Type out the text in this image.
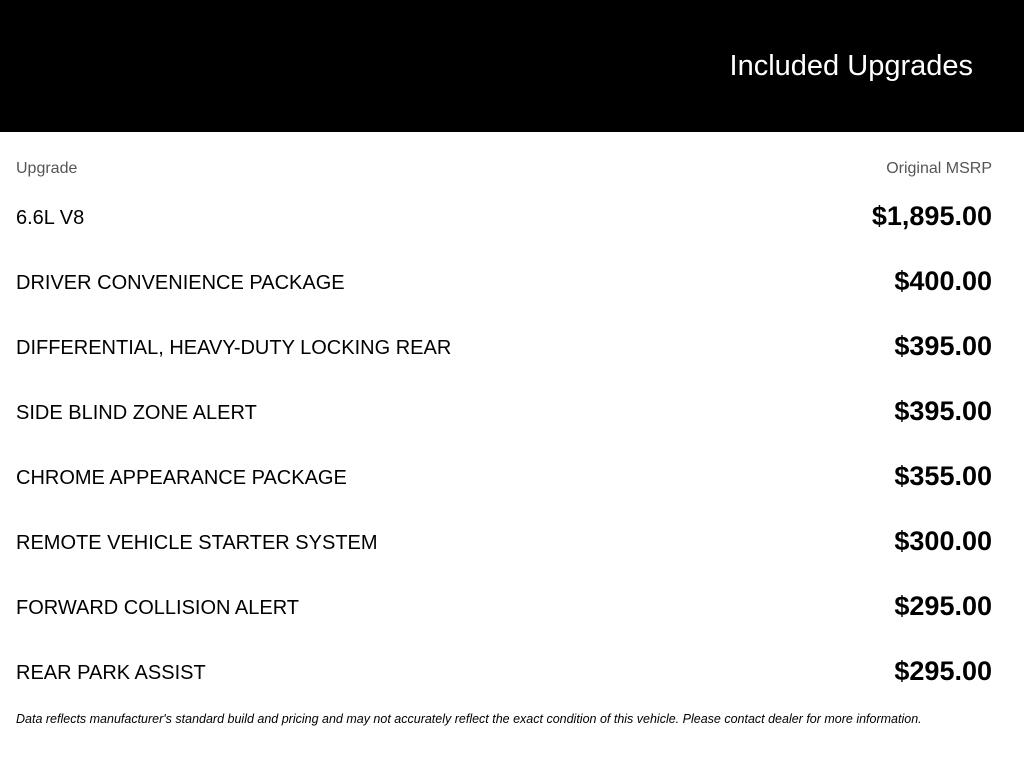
Included Upgrades
Upgrade	Original MSRP
6.6L V8	$1,895.00
DRIVER CONVENIENCE PACKAGE	$400.00
DIFFERENTIAL, HEAVY-DUTY LOCKING REAR	$395.00
SIDE BLIND ZONE ALERT	$395.00
CHROME APPEARANCE PACKAGE	$355.00
REMOTE VEHICLE STARTER SYSTEM	$300.00
FORWARD COLLISION ALERT	$295.00
REAR PARK ASSIST	$295.00
Data reflects manufacturer's standard build and pricing and may not accurately reflect the exact condition of this vehicle. Please contact dealer for more information.
